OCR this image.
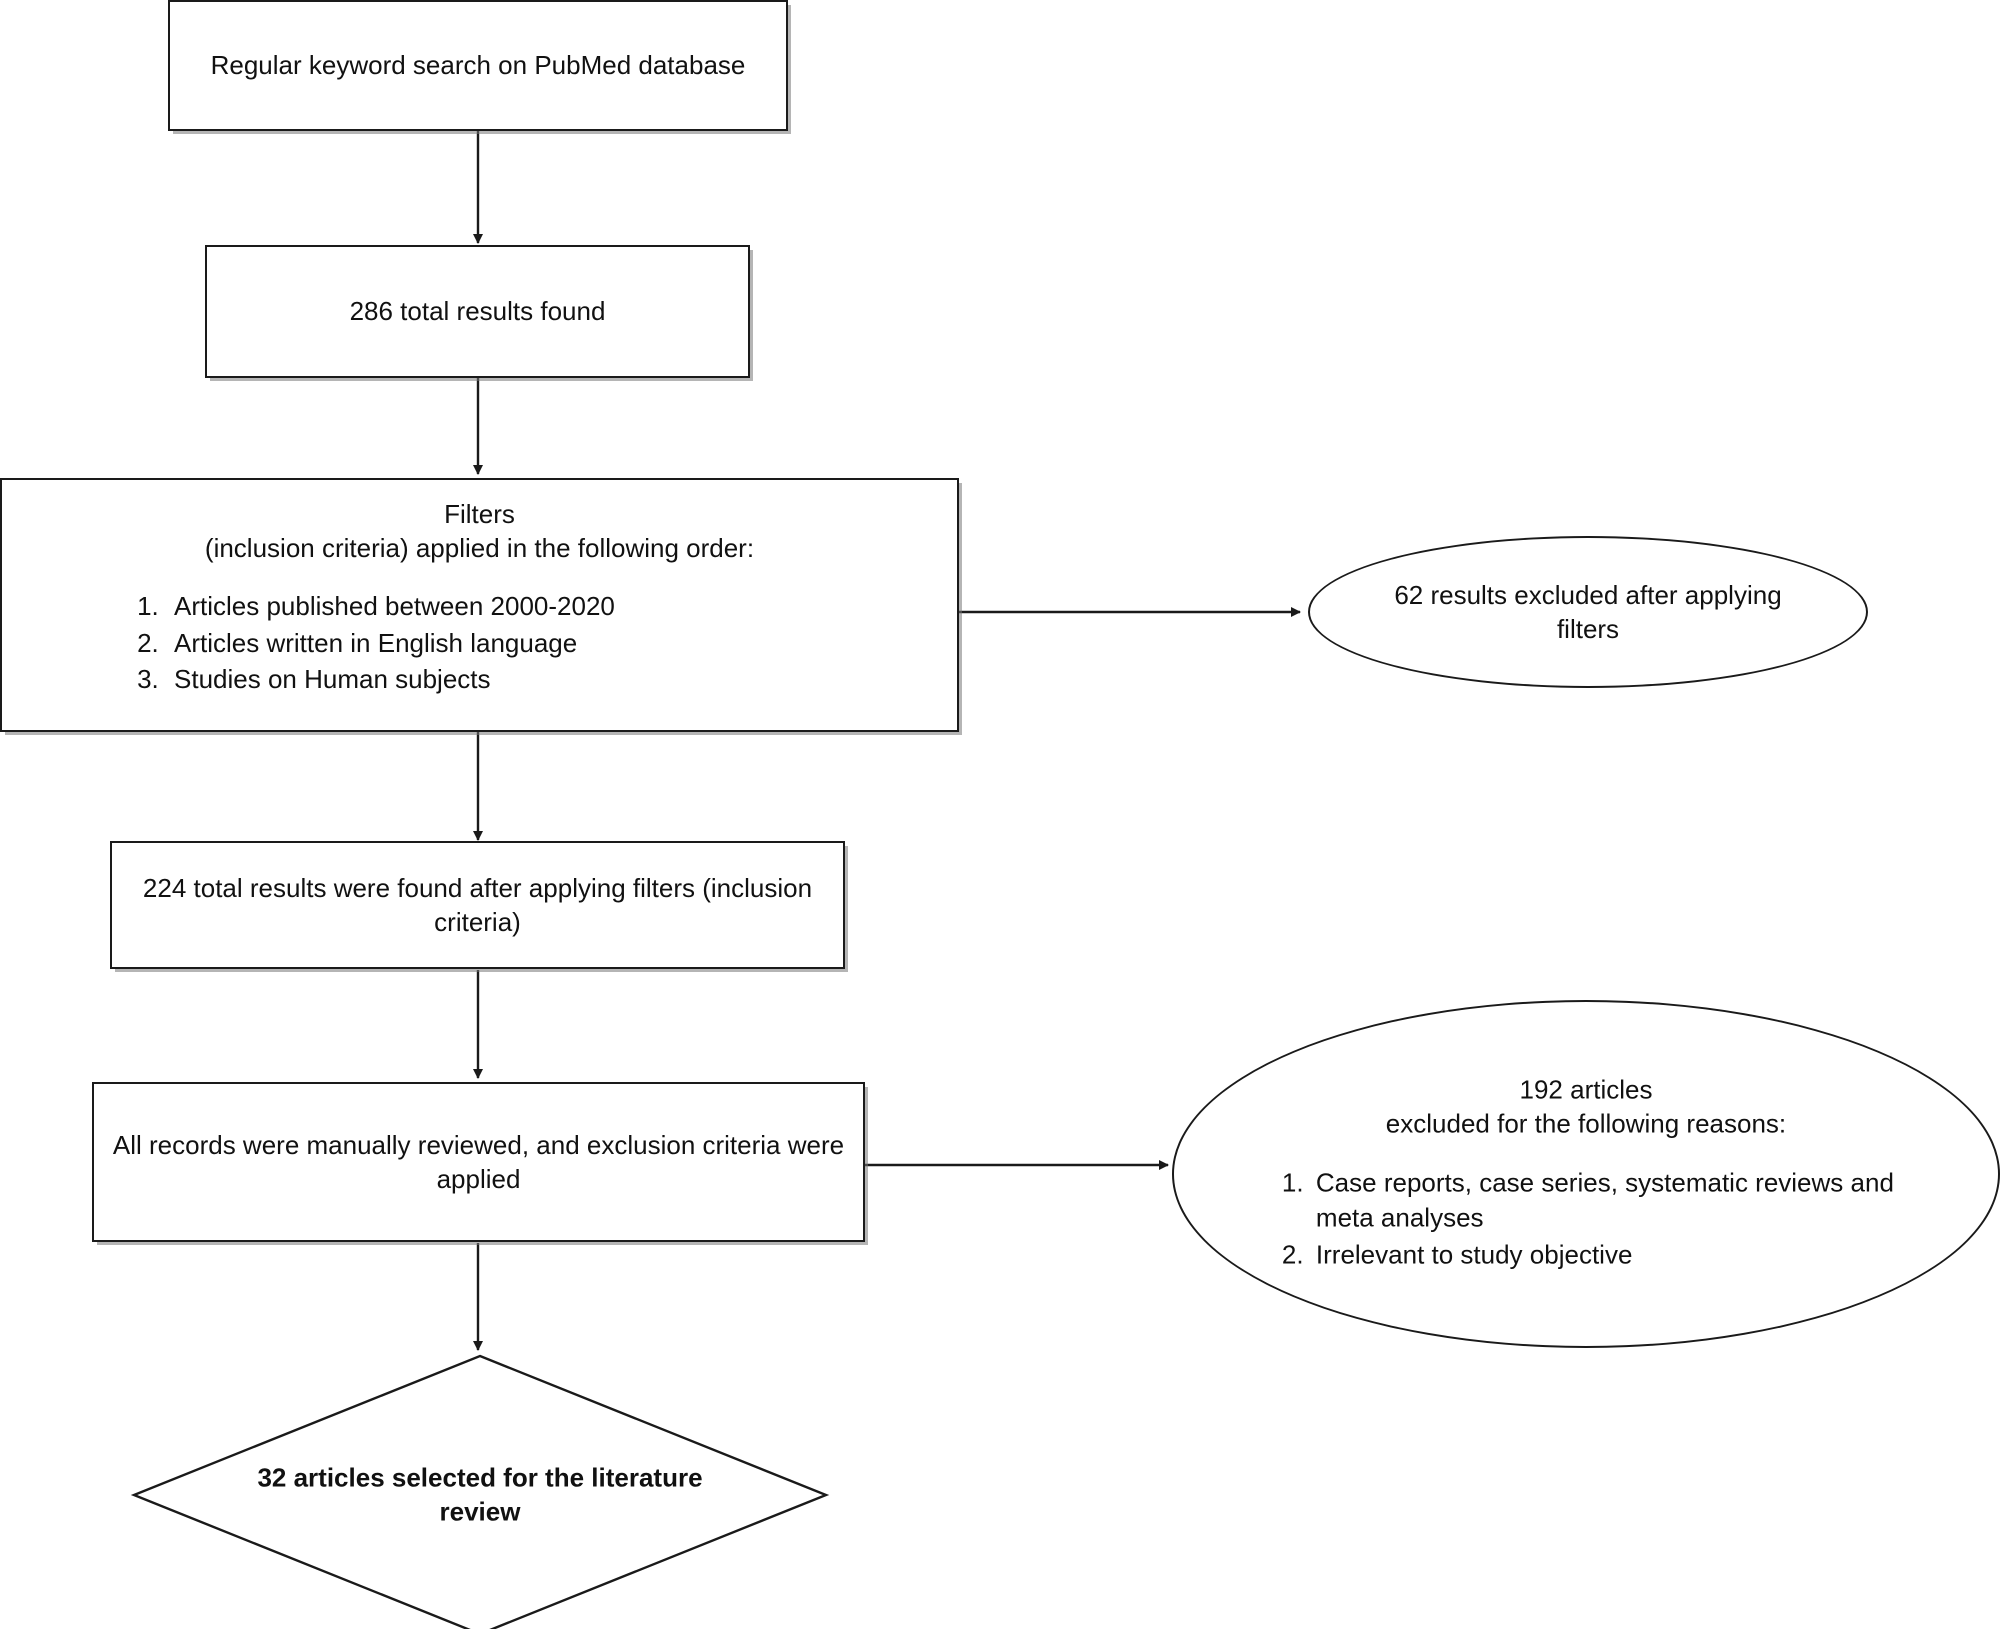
Regular keyword search on PubMed database
286 total results found
Filters
(inclusion criteria) applied in the following order:
1. Articles published between 2000-2020
2. Articles written in English language
3. Studies on Human subjects
62 results excluded after applying filters
224 total results were found after applying filters (inclusion criteria)
All records were manually reviewed, and exclusion criteria were applied
192 articles
excluded for the following reasons:
1. Case reports, case series, systematic reviews and meta analyses
2. Irrelevant to study objective
32 articles selected for the literature review
